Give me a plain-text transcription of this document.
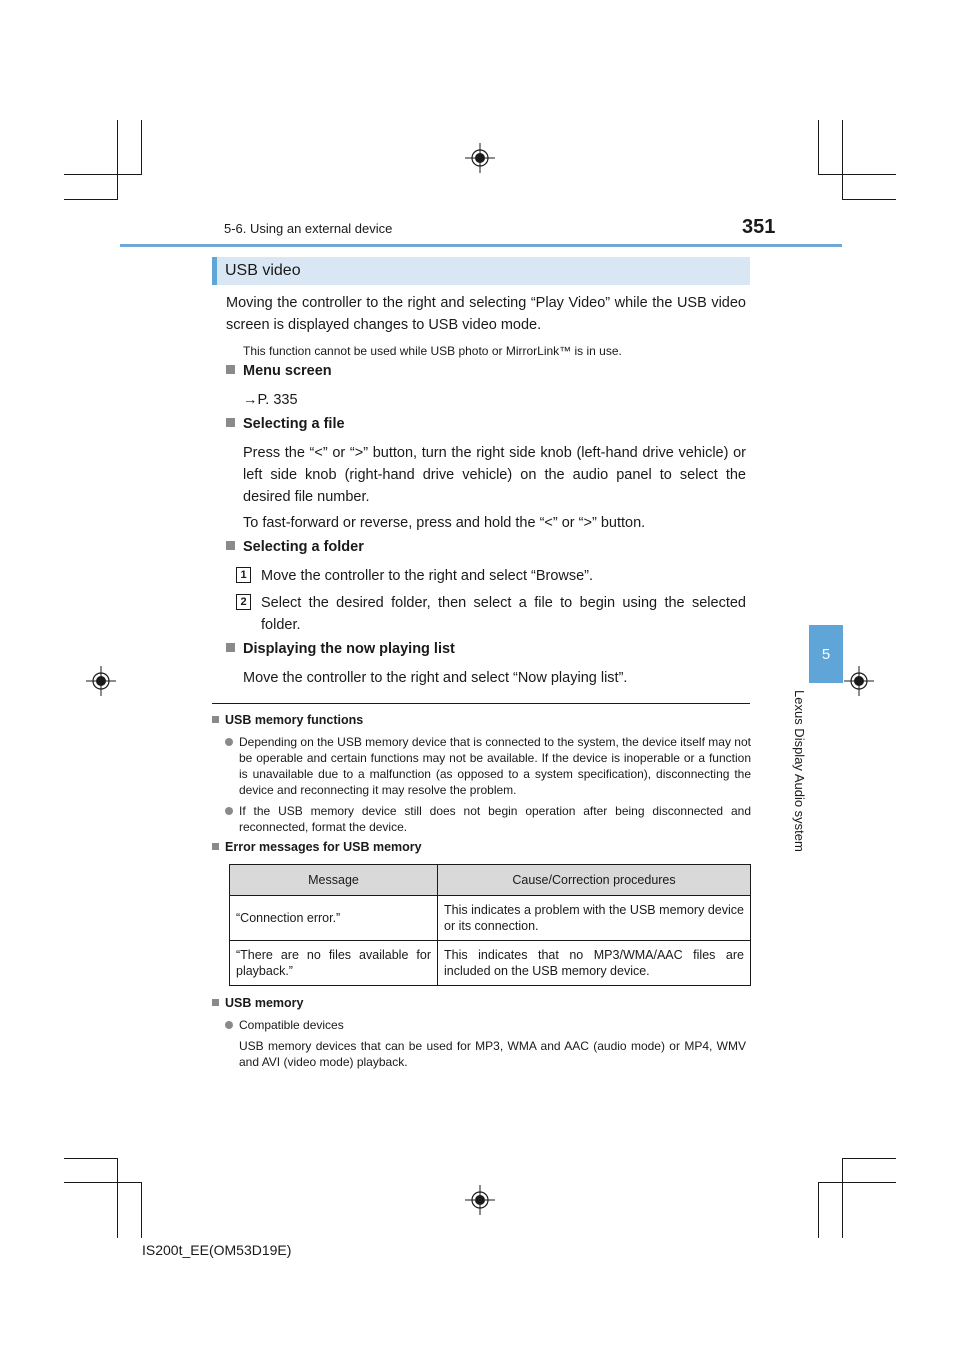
5-6. Using an external device	351
5
Lexus Display Audio system
USB video
Moving the controller to the right and selecting “Play Video” while the USB video screen is displayed changes to USB video mode.
This function cannot be used while USB photo or MirrorLink™ is in use.
Menu screen
→P. 335
Selecting a file
Press the “<” or “>” button, turn the right side knob (left-hand drive vehicle) or left side knob (right-hand drive vehicle) on the audio panel to select the desired file number.
To fast-forward or reverse, press and hold the “<” or “>” button.
Selecting a folder
1 Move the controller to the right and select “Browse”.
2 Select the desired folder, then select a file to begin using the selected folder.
Displaying the now playing list
Move the controller to the right and select “Now playing list”.
USB memory functions
Depending on the USB memory device that is connected to the system, the device itself may not be operable and certain functions may not be available. If the device is inoperable or a function is unavailable due to a malfunction (as opposed to a system specification), disconnecting the device and reconnecting it may resolve the problem.
If the USB memory device still does not begin operation after being disconnected and reconnected, format the device.
Error messages for USB memory
Message	Cause/Correction procedures
“Connection error.”	This indicates a problem with the USB memory device or its connection.
“There are no files available for playback.”	This indicates that no MP3/WMA/AAC files are included on the USB memory device.
USB memory
Compatible devices
USB memory devices that can be used for MP3, WMA and AAC (audio mode) or MP4, WMV and AVI (video mode) playback.
IS200t_EE(OM53D19E)
